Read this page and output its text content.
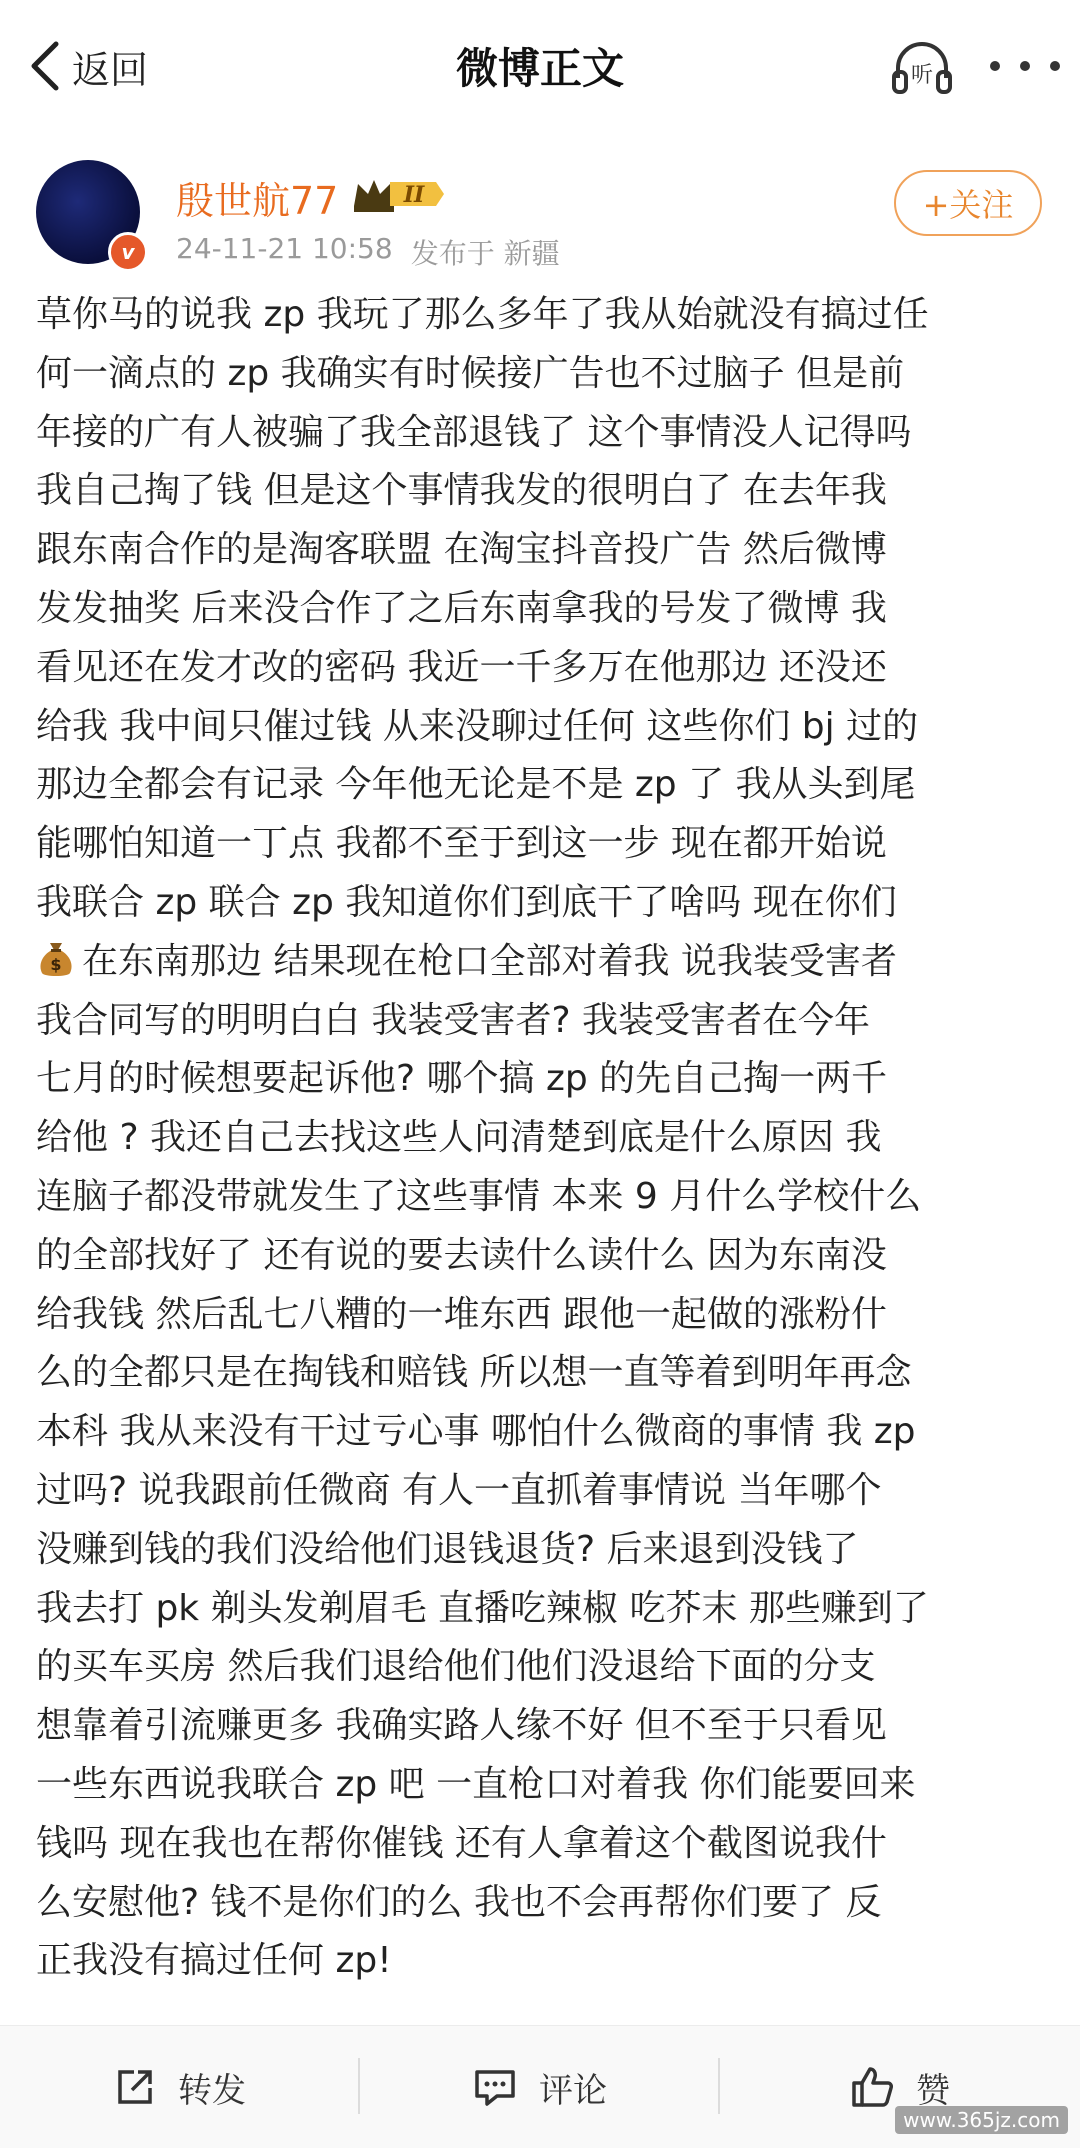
返回	微博正文	听
v
殷世航77	II
24-11-21 10:58 发布于 新疆
+关注
草你马的说我 zp 我玩了那么多年了我从始就没有搞过任
何一滴点的 zp 我确实有时候接广告也不过脑子 但是前
年接的广有人被骗了我全部退钱了 这个事情没人记得吗
我自己掏了钱 但是这个事情我发的很明白了 在去年我
跟东南合作的是淘客联盟 在淘宝抖音投广告 然后微博
发发抽奖 后来没合作了之后东南拿我的号发了微博 我
看见还在发才改的密码 我近一千多万在他那边 还没还
给我 我中间只催过钱 从来没聊过任何 这些你们 bj 过的
那边全都会有记录 今年他无论是不是 zp 了 我从头到尾
能哪怕知道一丁点 我都不至于到这一步 现在都开始说
我联合 zp 联合 zp 我知道你们到底干了啥吗 现在你们
$ 在东南那边 结果现在枪口全部对着我 说我装受害者
我合同写的明明白白 我装受害者? 我装受害者在今年
七月的时候想要起诉他? 哪个搞 zp 的先自己掏一两千
给他 ? 我还自己去找这些人问清楚到底是什么原因 我
连脑子都没带就发生了这些事情 本来 9 月什么学校什么
的全部找好了 还有说的要去读什么读什么 因为东南没
给我钱 然后乱七八糟的一堆东西 跟他一起做的涨粉什
么的全都只是在掏钱和赔钱 所以想一直等着到明年再念
本科 我从来没有干过亏心事 哪怕什么微商的事情 我 zp
过吗? 说我跟前任微商 有人一直抓着事情说 当年哪个
没赚到钱的我们没给他们退钱退货? 后来退到没钱了
我去打 pk 剃头发剃眉毛 直播吃辣椒 吃芥末 那些赚到了
的买车买房 然后我们退给他们他们没退给下面的分支
想靠着引流赚更多 我确实路人缘不好 但不至于只看见
一些东西说我联合 zp 吧 一直枪口对着我 你们能要回来
钱吗 现在我也在帮你催钱 还有人拿着这个截图说我什
么安慰他? 钱不是你们的么 我也不会再帮你们要了 反
正我没有搞过任何 zp!
转发	评论	赞
www.365jz.com
